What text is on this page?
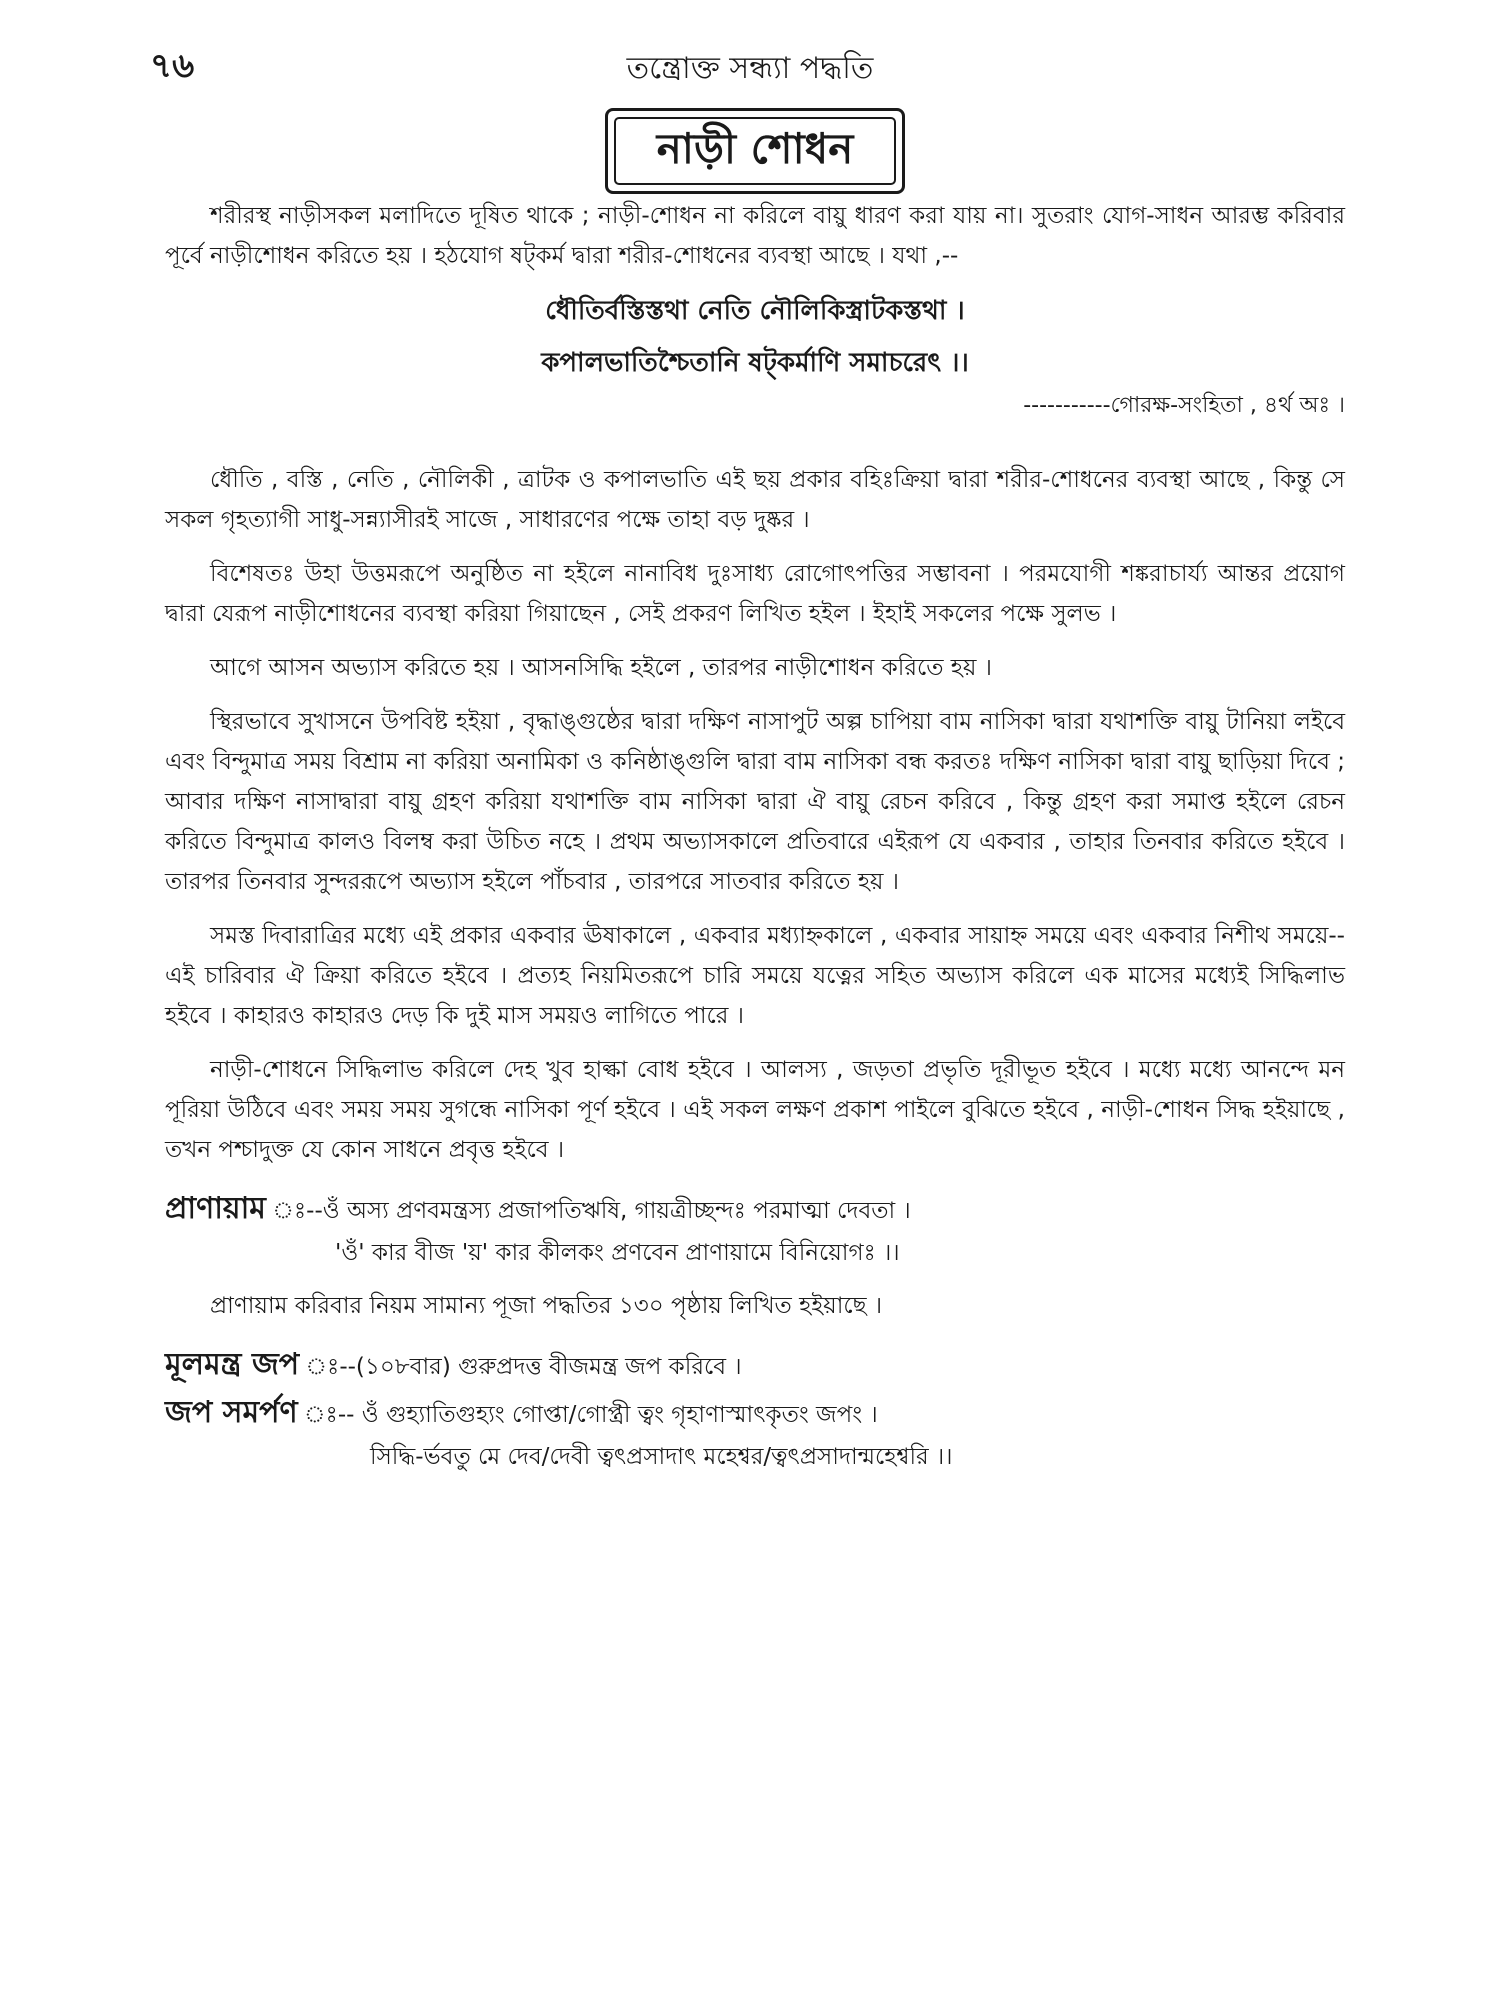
৭৬	তন্ত্রোক্ত সন্ধ্যা পদ্ধতি
নাড়ী শোধন

শরীরস্থ নাড়ীসকল মলাদিতে দূষিত থাকে ; নাড়ী-শোধন না করিলে বায়ু ধারণ করা যায় না। সুতরাং যোগ-সাধন আরম্ভ করিবার পূর্বে নাড়ীশোধন করিতে হয় । হঠযোগ ষট্কর্ম দ্বারা শরীর-শোধনের ব্যবস্থা আছে । যথা ,--

ধৌতির্বস্তিস্তথা নেতি নৌলিকিস্ত্রাটকস্তথা ।
কপালভাতিশ্চৈতানি ষট্কর্মাণি সমাচরেৎ ।।
-----------গোরক্ষ-সংহিতা , ৪র্থ অঃ ।

ধৌতি , বস্তি , নেতি , নৌলিকী , ত্রাটক ও কপালভাতি এই ছয় প্রকার বহিঃক্রিয়া দ্বারা শরীর-শোধনের ব্যবস্থা আছে , কিন্তু সে সকল গৃহত্যাগী সাধু-সন্ন্যাসীরই সাজে , সাধারণের পক্ষে তাহা বড় দুষ্কর ।

বিশেষতঃ উহা উত্তমরূপে অনুষ্ঠিত না হইলে নানাবিধ দুঃসাধ্য রোগোৎপত্তির সম্ভাবনা । পরমযোগী শঙ্করাচার্য্য আন্তর প্রয়োগ দ্বারা যেরূপ নাড়ীশোধনের ব্যবস্থা করিয়া গিয়াছেন , সেই প্রকরণ লিখিত হইল । ইহাই সকলের পক্ষে সুলভ ।

আগে আসন অভ্যাস করিতে হয় । আসনসিদ্ধি হইলে , তারপর নাড়ীশোধন করিতে হয় ।

স্থিরভাবে সুখাসনে উপবিষ্ট হইয়া , বৃদ্ধাঙ্গুষ্ঠের দ্বারা দক্ষিণ নাসাপুট অল্প চাপিয়া বাম নাসিকা দ্বারা যথাশক্তি বায়ু টানিয়া লইবে এবং বিন্দুমাত্র সময় বিশ্রাম না করিয়া অনামিকা ও কনিষ্ঠাঙ্গুলি দ্বারা বাম নাসিকা বন্ধ করতঃ দক্ষিণ নাসিকা দ্বারা বায়ু ছাড়িয়া দিবে ; আবার দক্ষিণ নাসাদ্বারা বায়ু গ্রহণ করিয়া যথাশক্তি বাম নাসিকা দ্বারা ঐ বায়ু রেচন করিবে , কিন্তু গ্রহণ করা সমাপ্ত হইলে রেচন করিতে বিন্দুমাত্র কালও বিলম্ব করা উচিত নহে । প্রথম অভ্যাসকালে প্রতিবারে এইরূপ যে একবার , তাহার তিনবার করিতে হইবে । তারপর তিনবার সুন্দররূপে অভ্যাস হইলে পাঁচবার , তারপরে সাতবার করিতে হয় ।

সমস্ত দিবারাত্রির মধ্যে এই প্রকার একবার ঊষাকালে , একবার মধ্যাহ্নকালে , একবার সায়াহ্ন সময়ে এবং একবার নিশীথ সময়ে--এই চারিবার ঐ ক্রিয়া করিতে হইবে । প্রত্যহ নিয়মিতরূপে চারি সময়ে যত্নের সহিত অভ্যাস করিলে এক মাসের মধ্যেই সিদ্ধিলাভ হইবে । কাহারও কাহারও দেড় কি দুই মাস সময়ও লাগিতে পারে ।

নাড়ী-শোধনে সিদ্ধিলাভ করিলে দেহ খুব হাল্কা বোধ হইবে । আলস্য , জড়তা প্রভৃতি দূরীভূত হইবে । মধ্যে মধ্যে আনন্দে মন পূরিয়া উঠিবে এবং সময় সময় সুগন্ধে নাসিকা পূর্ণ হইবে । এই সকল লক্ষণ প্রকাশ পাইলে বুঝিতে হইবে , নাড়ী-শোধন সিদ্ধ হইয়াছে , তখন পশ্চাদুক্ত যে কোন সাধনে প্রবৃত্ত হইবে ।

প্রাণায়াম ঃ--ওঁ অস্য প্রণবমন্ত্রস্য প্রজাপতিঋষি, গায়ত্রীচ্ছন্দঃ পরমাত্মা দেবতা ।
'ওঁ' কার বীজ 'য়' কার কীলকং প্রণবেন প্রাণায়ামে বিনিয়োগঃ ।।
প্রাণায়াম করিবার নিয়ম সামান্য পূজা পদ্ধতির ১৩০ পৃষ্ঠায় লিখিত হইয়াছে ।
মূলমন্ত্র জপ ঃ--(১০৮বার) গুরুপ্রদত্ত বীজমন্ত্র জপ করিবে ।
জপ সমর্পণ ঃ-- ওঁ গুহ্যাতিগুহ্যং গোপ্তা/গোপ্ত্রী ত্বং গৃহাণাস্মাৎকৃতং জপং ।
সিদ্ধি-র্ভবতু মে দেব/দেবী ত্বৎপ্রসাদাৎ মহেশ্বর/ত্বৎপ্রসাদান্মহেশ্বরি ।।
